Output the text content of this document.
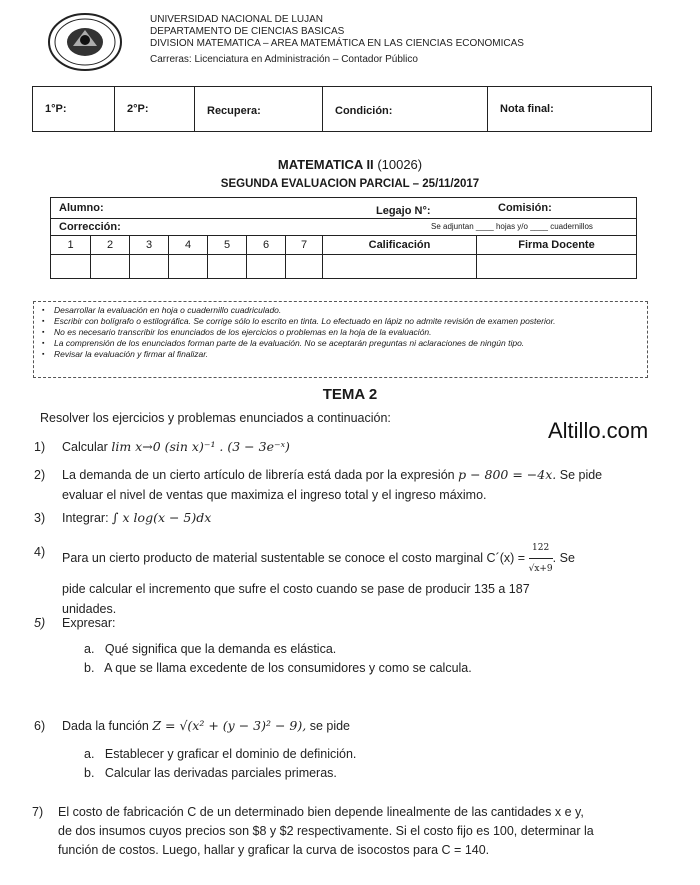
UNIVERSIDAD NACIONAL DE LUJAN
DEPARTAMENTO DE CIENCIAS BASICAS
DIVISION MATEMATICA – AREA MATEMÁTICA EN LAS CIENCIAS ECONOMICAS
Carreras: Licenciatura en Administración – Contador Público
1°P:	2°P:	Recupera:	Condición:	Nota final:
MATEMATICA II (10026)
SEGUNDA EVALUACION PARCIAL – 25/11/2017
Alumno:	Legajo N°:	Comisión:
Corrección:	Se adjuntan ____ hojas y/o ____ cuadernillos
1	2	3	4	5	6	7	Calificación	Firma Docente
▪ Desarrollar la evaluación en hoja o cuadernillo cuadriculado.
▪ Escribir con bolígrafo o estilográfica. Se corrige sólo lo escrito en tinta. Lo efectuado en lápiz no admite revisión de examen posterior.
▪ No es necesario transcribir los enunciados de los ejercicios o problemas en la hoja de la evaluación.
▪ La comprensión de los enunciados forman parte de la evaluación. No se aceptarán preguntas ni aclaraciones de ningún tipo.
▪ Revisar la evaluación y firmar al finalizar.
TEMA 2
Resolver los ejercicios y problemas enunciados a continuación:	Altillo.com
1) Calcular lim x→0 (sin x)⁻¹ . (3 − 3e⁻ˣ)
2) La demanda de un cierto artículo de librería está dada por la expresión p − 800 = −4x. Se pide
evaluar el nivel de ventas que maximiza el ingreso total y el ingreso máximo.
3) Integrar: ∫ x log(x − 5)dx
4) Para un cierto producto de material sustentable se conoce el costo marginal C´(x) = $\frac{122}{√x+9}$ . Se
pide calcular el incremento que sufre el costo cuando se pase de producir 135 a 187
unidades.
5) Expresar:
a. Qué significa que la demanda es elástica.
b. A que se llama excedente de los consumidores y como se calcula.
6) Dada la función Z = √(x² + (y − 3)² − 9), se pide
a. Establecer y graficar el dominio de definición.
b. Calcular las derivadas parciales primeras.
7) El costo de fabricación C de un determinado bien depende linealmente de las cantidades x e y,
de dos insumos cuyos precios son $8 y $2 respectivamente. Si el costo fijo es 100, determinar la
función de costos. Luego, hallar y graficar la curva de isocostos para C = 140.
